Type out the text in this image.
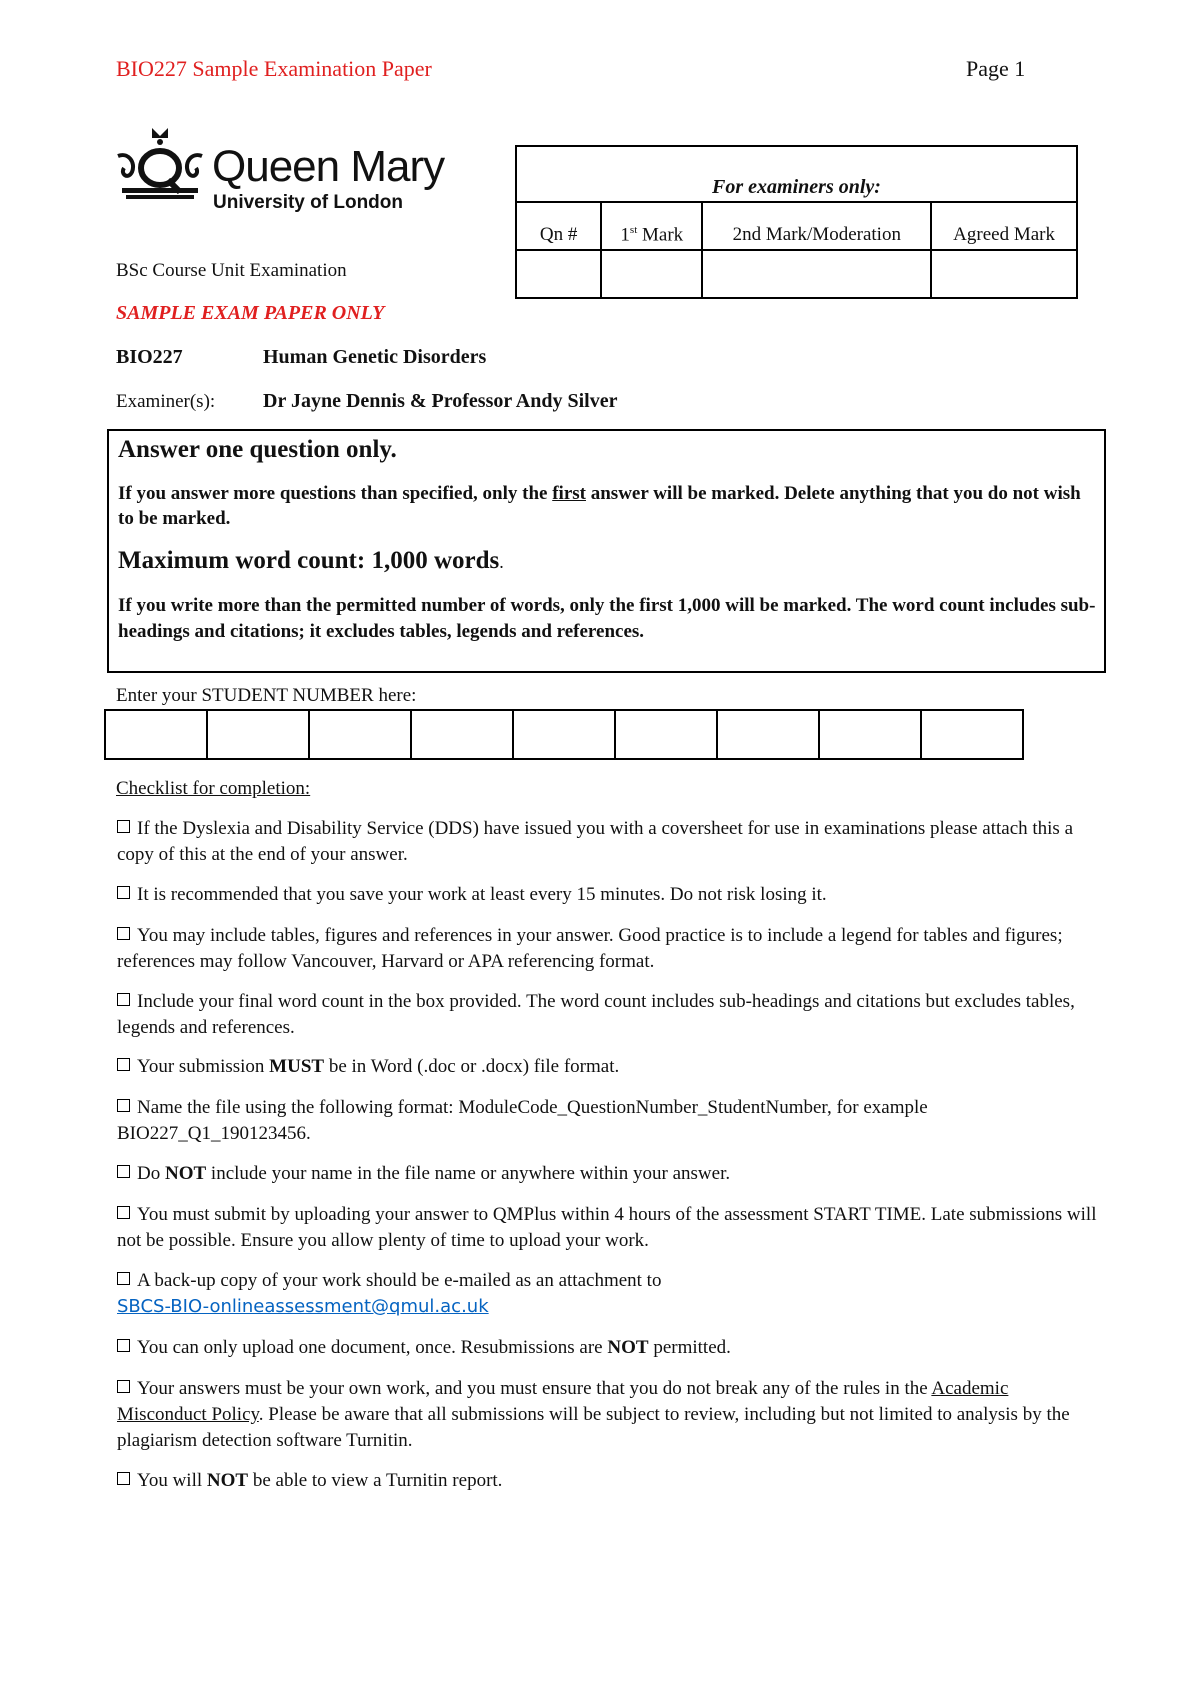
BIO227 Sample Examination Paper	Page 1
Queen Mary
University of London
For examiners only:			
Qn #	1st Mark	2nd Mark/Moderation	Agreed Mark

BSc Course Unit Examination
SAMPLE EXAM PAPER ONLY
BIO227	Human Genetic Disorders
Examiner(s): Dr Jayne Dennis & Professor Andy Silver
Answer one question only.
If you answer more questions than specified, only the first answer will be marked. Delete anything that you do not wish to be marked.
Maximum word count: 1,000 words.
If you write more than the permitted number of words, only the first 1,000 will be marked. The word count includes sub-headings and citations; it excludes tables, legends and references.
Enter your STUDENT NUMBER here:

Checklist for completion:
If the Dyslexia and Disability Service (DDS) have issued you with a coversheet for use in examinations please attach this a copy of this at the end of your answer.
It is recommended that you save your work at least every 15 minutes. Do not risk losing it.
You may include tables, figures and references in your answer. Good practice is to include a legend for tables and figures; references may follow Vancouver, Harvard or APA referencing format.
Include your final word count in the box provided. The word count includes sub-headings and citations but excludes tables, legends and references.
Your submission MUST be in Word (.doc or .docx) file format.
Name the file using the following format: ModuleCode_QuestionNumber_StudentNumber, for example BIO227_Q1_190123456.
Do NOT include your name in the file name or anywhere within your answer.
You must submit by uploading your answer to QMPlus within 4 hours of the assessment START TIME. Late submissions will not be possible. Ensure you allow plenty of time to upload your work.
A back-up copy of your work should be e-mailed as an attachment to
SBCS-BIO-onlineassessment@qmul.ac.uk
You can only upload one document, once. Resubmissions are NOT permitted.
Your answers must be your own work, and you must ensure that you do not break any of the rules in the Academic Misconduct Policy. Please be aware that all submissions will be subject to review, including but not limited to analysis by the plagiarism detection software Turnitin.
You will NOT be able to view a Turnitin report.
